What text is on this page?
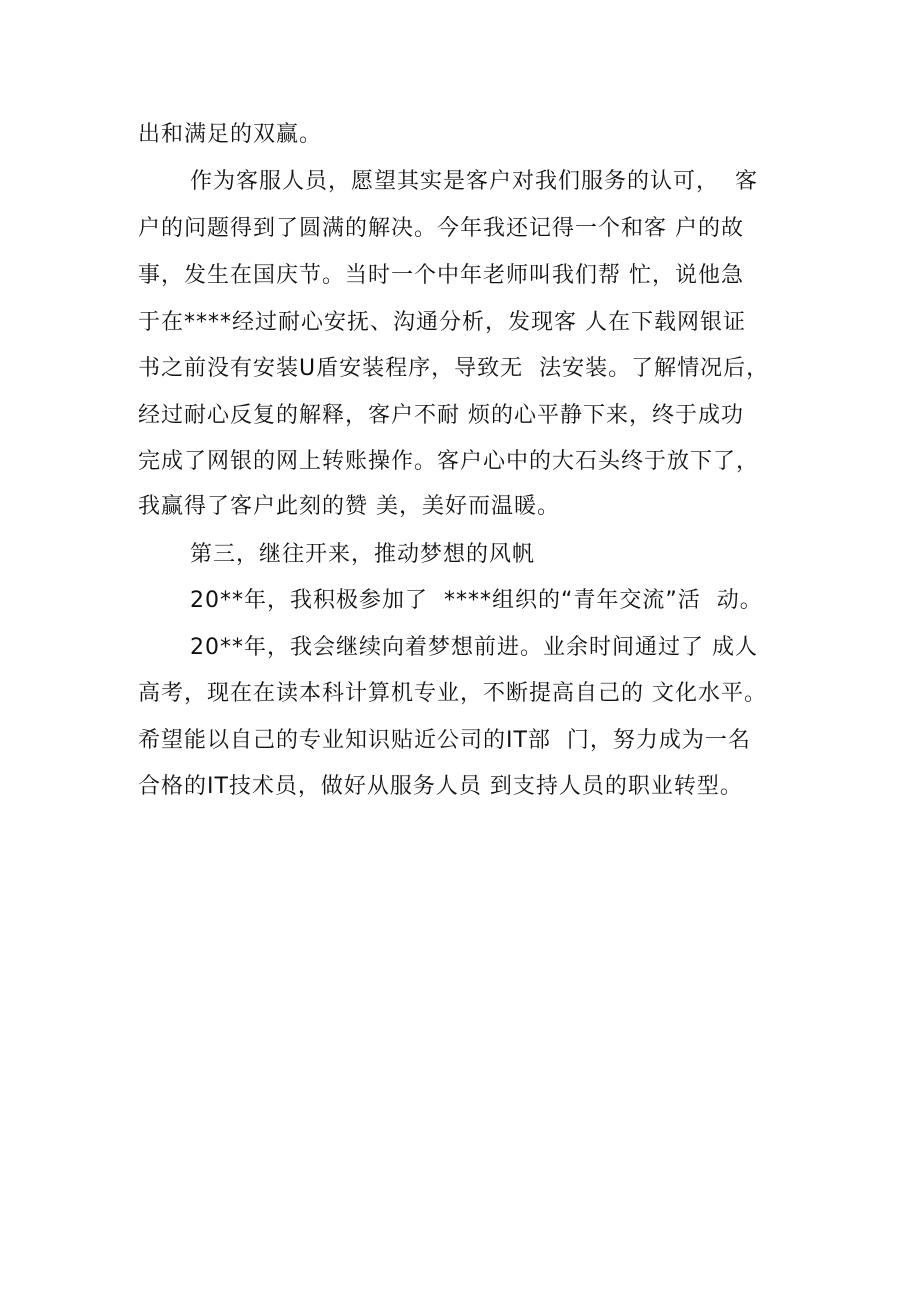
出和满足的双赢。
作为客服人员，愿望其实是客户对我们服务的认可，  客
户的问题得到了圆满的解决。今年我还记得一个和客 户的故
事，发生在国庆节。当时一个中年老师叫我们帮 忙，说他急
于在****经过耐心安抚、沟通分析，发现客 人在下载网银证
书之前没有安装U盾安装程序，导致无  法安装。了解情况后，
经过耐心反复的解释，客户不耐 烦的心平静下来，终于成功
完成了网银的网上转账操作。客户心中的大石头终于放下了，
我赢得了客户此刻的赞 美，美好而温暖。
第三，继往开来，推动梦想的风帆
20**年，我积极参加了  ****组织的“青年交流”活  动。
20**年，我会继续向着梦想前进。业余时间通过了 成人
高考，现在在读本科计算机专业，不断提高自己的 文化水平。
希望能以自己的专业知识贴近公司的IT部  门，努力成为一名
合格的IT技术员，做好从服务人员 到支持人员的职业转型。
